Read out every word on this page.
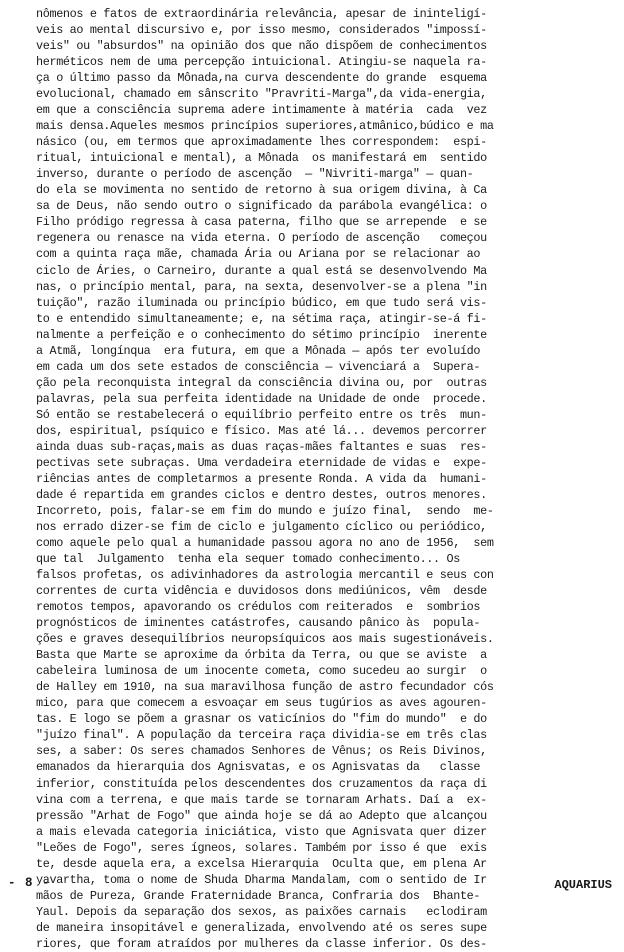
nômenos e fatos de extraordinária relevância, apesar de ininteligí-
veis ao mental discursivo e, por isso mesmo, considerados "impossí-
veis" ou "absurdos" na opinião dos que não dispõem de conhecimentos
herméticos nem de uma percepção intuicional. Atingiu-se naquela ra-
ça o último passo da Mônada,na curva descendente do grande  esquema
evolucional, chamado em sânscrito "Pravriti-Marga",da vida-energia,
em que a consciência suprema adere intimamente à matéria  cada  vez
mais densa.Aqueles mesmos princípios superiores,atmânico,búdico e ma
násico (ou, em termos que aproximadamente lhes correspondem:  espi-
ritual, intuicional e mental), a Mônada  os manifestará em  sentido
inverso, durante o período de ascenção  — "Nivriti-marga" — quan-
do ela se movimenta no sentido de retorno à sua origem divina, à Ca
sa de Deus, não sendo outro o significado da parábola evangélica: o
Filho pródigo regressa à casa paterna, filho que se arrepende  e se
regenera ou renasce na vida eterna. O período de ascenção   começou
com a quinta raça mãe, chamada Ária ou Ariana por se relacionar ao
ciclo de Áries, o Carneiro, durante a qual está se desenvolvendo Ma
nas, o princípio mental, para, na sexta, desenvolver-se a plena "in
tuição", razão iluminada ou princípio búdico, em que tudo será vis-
to e entendido simultaneamente; e, na sétima raça, atingir-se-á fi-
nalmente a perfeição e o conhecimento do sétimo princípio  inerente
a Atmã, longínqua  era futura, em que a Mônada — após ter evoluído
em cada um dos sete estados de consciência — vivenciará a  Supera-
ção pela reconquista integral da consciência divina ou, por  outras
palavras, pela sua perfeita identidade na Unidade de onde  procede.
Só então se restabelecerá o equilíbrio perfeito entre os três  mun-
dos, espiritual, psíquico e físico. Mas até lá... devemos percorrer
ainda duas sub-raças,mais as duas raças-mães faltantes e suas  res-
pectivas sete subraças. Uma verdadeira eternidade de vidas e  expe-
riências antes de completarmos a presente Ronda. A vida da  humani-
dade é repartida em grandes ciclos e dentro destes, outros menores.
Incorreto, pois, falar-se em fim do mundo e juízo final,  sendo  me-
nos errado dizer-se fim de ciclo e julgamento cíclico ou periódico,
como aquele pelo qual a humanidade passou agora no ano de 1956,  sem
que tal  Julgamento  tenha ela sequer tomado conhecimento... Os
falsos profetas, os adivinhadores da astrologia mercantil e seus con
correntes de curta vidência e duvidosos dons mediúnicos, vêm  desde
remotos tempos, apavorando os crédulos com reiterados  e  sombrios
prognósticos de iminentes catástrofes, causando pânico às  popula-
ções e graves desequilíbrios neuropsíquicos aos mais sugestionáveis.
Basta que Marte se aproxime da órbita da Terra, ou que se aviste  a
cabeleira luminosa de um inocente cometa, como sucedeu ao surgir  o
de Halley em 1910, na sua maravilhosa função de astro fecundador cós
mico, para que comecem a esvoaçar em seus tugúrios as aves agouren-
tas. E logo se põem a grasnar os vaticínios do "fim do mundo"  e do
"juízo final". A população da terceira raça dividia-se em três clas
ses, a saber: Os seres chamados Senhores de Vênus; os Reis Divinos,
emanados da hierarquia dos Agnisvatas, e os Agnisvatas da   classe
inferior, constituída pelos descendentes dos cruzamentos da raça di
vina com a terrena, e que mais tarde se tornaram Arhats. Daí a  ex-
pressão "Arhat de Fogo" que ainda hoje se dá ao Adepto que alcançou
a mais elevada categoria iniciática, visto que Agnisvata quer dizer
"Leões de Fogo", seres ígneos, solares. Também por isso é que  exis
te, desde aquela era, a excelsa Hierarquia  Oculta que, em plena Ar
yavartha, toma o nome de Shuda Dharma Mandalam, com o sentido de Ir
mãos de Pureza, Grande Fraternidade Branca, Confraria dos  Bhante-
Yaul. Depois da separação dos sexos, as paixões carnais   eclodiram
de maneira insopitável e generalizada, envolvendo até os seres supe
riores, que foram atraídos por mulheres da classe inferior. Os des-
- 8 -	AQUARIUS
